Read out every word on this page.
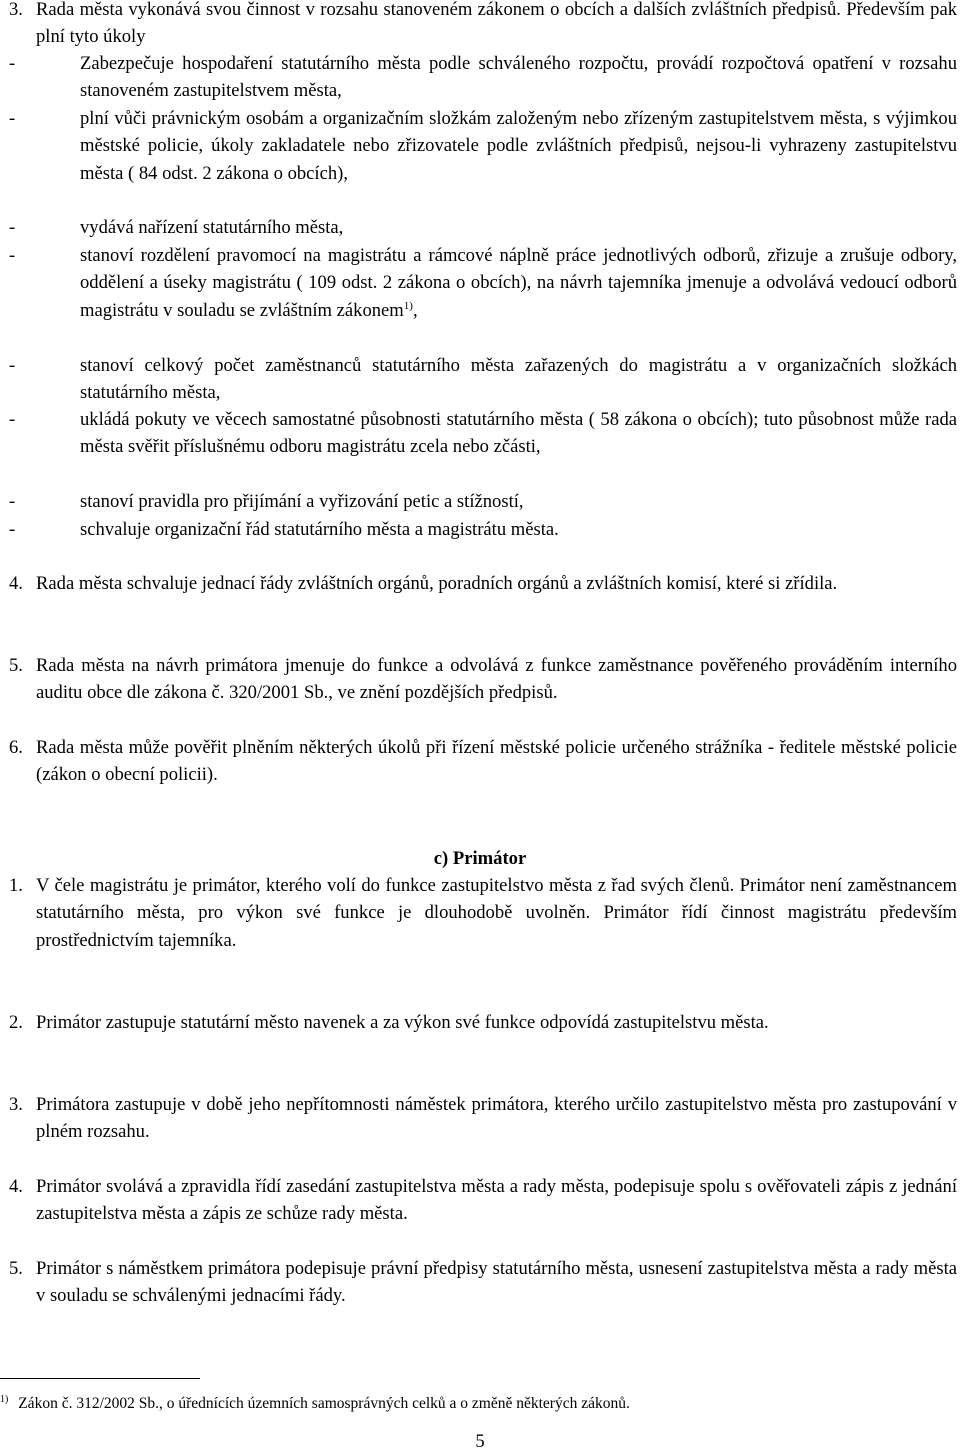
3. Rada města vykonává svou činnost v rozsahu stanoveném zákonem o obcích a dalších zvláštních předpisů. Především pak plní tyto úkoly
-	Zabezpečuje hospodaření statutárního města podle schváleného rozpočtu, provádí rozpočtová opatření v rozsahu stanoveném zastupitelstvem města,
-	plní vůči právnickým osobám a organizačním složkám založeným nebo zřízeným zastupitelstvem města, s výjimkou městské policie, úkoly zakladatele nebo zřizovatele podle zvláštních předpisů, nejsou-li vyhrazeny zastupitelstvu města ( 84 odst. 2 zákona o obcích),
-	vydává nařízení statutárního města,
-	stanoví rozdělení pravomocí na magistrátu a rámcové náplně práce jednotlivých odborů, zřizuje a zrušuje odbory, oddělení a úseky magistrátu ( 109 odst. 2 zákona o obcích), na návrh tajemníka jmenuje a odvolává vedoucí odborů magistrátu v souladu se zvláštním zákonem$^{1)}$,
-	stanoví celkový počet zaměstnanců statutárního města zařazených do magistrátu a v organizačních složkách statutárního města,
-	ukládá pokuty ve věcech samostatné působnosti statutárního města ( 58 zákona o obcích); tuto působnost může rada města svěřit příslušnému odboru magistrátu zcela nebo zčásti,
-	stanoví pravidla pro přijímání a vyřizování petic a stížností,
-	schvaluje organizační řád statutárního města a magistrátu města.
4. Rada města schvaluje jednací řády zvláštních orgánů, poradních orgánů a zvláštních komisí, které si zřídila.
5. Rada města na návrh primátora jmenuje do funkce a odvolává z funkce zaměstnance pověřeného prováděním interního auditu obce dle zákona č. 320/2001 Sb., ve znění pozdějších předpisů.
6. Rada města může pověřit plněním některých úkolů při řízení městské policie určeného strážníka - ředitele městské policie (zákon o obecní policii).
c) Primátor
1. V čele magistrátu je primátor, kterého volí do funkce zastupitelstvo města z řad svých členů. Primátor není zaměstnancem statutárního města, pro výkon své funkce je dlouhodobě uvolněn. Primátor řídí činnost magistrátu především prostřednictvím tajemníka.
2. Primátor zastupuje statutární město navenek a za výkon své funkce odpovídá zastupitelstvu města.
3. Primátora zastupuje v době jeho nepřítomnosti náměstek primátora, kterého určilo zastupitelstvo města pro zastupování v plném rozsahu.
4. Primátor svolává a zpravidla řídí zasedání zastupitelstva města a rady města, podepisuje spolu s ověřovateli zápis z jednání zastupitelstva města a zápis ze schůze rady města.
5. Primátor s náměstkem primátora podepisuje právní předpisy statutárního města, usnesení zastupitelstva města a rady města v souladu se schválenými jednacími řády.
$^{1)}$ Zákon č. 312/2002 Sb., o úřednících územních samosprávných celků a o změně některých zákonů.
5
